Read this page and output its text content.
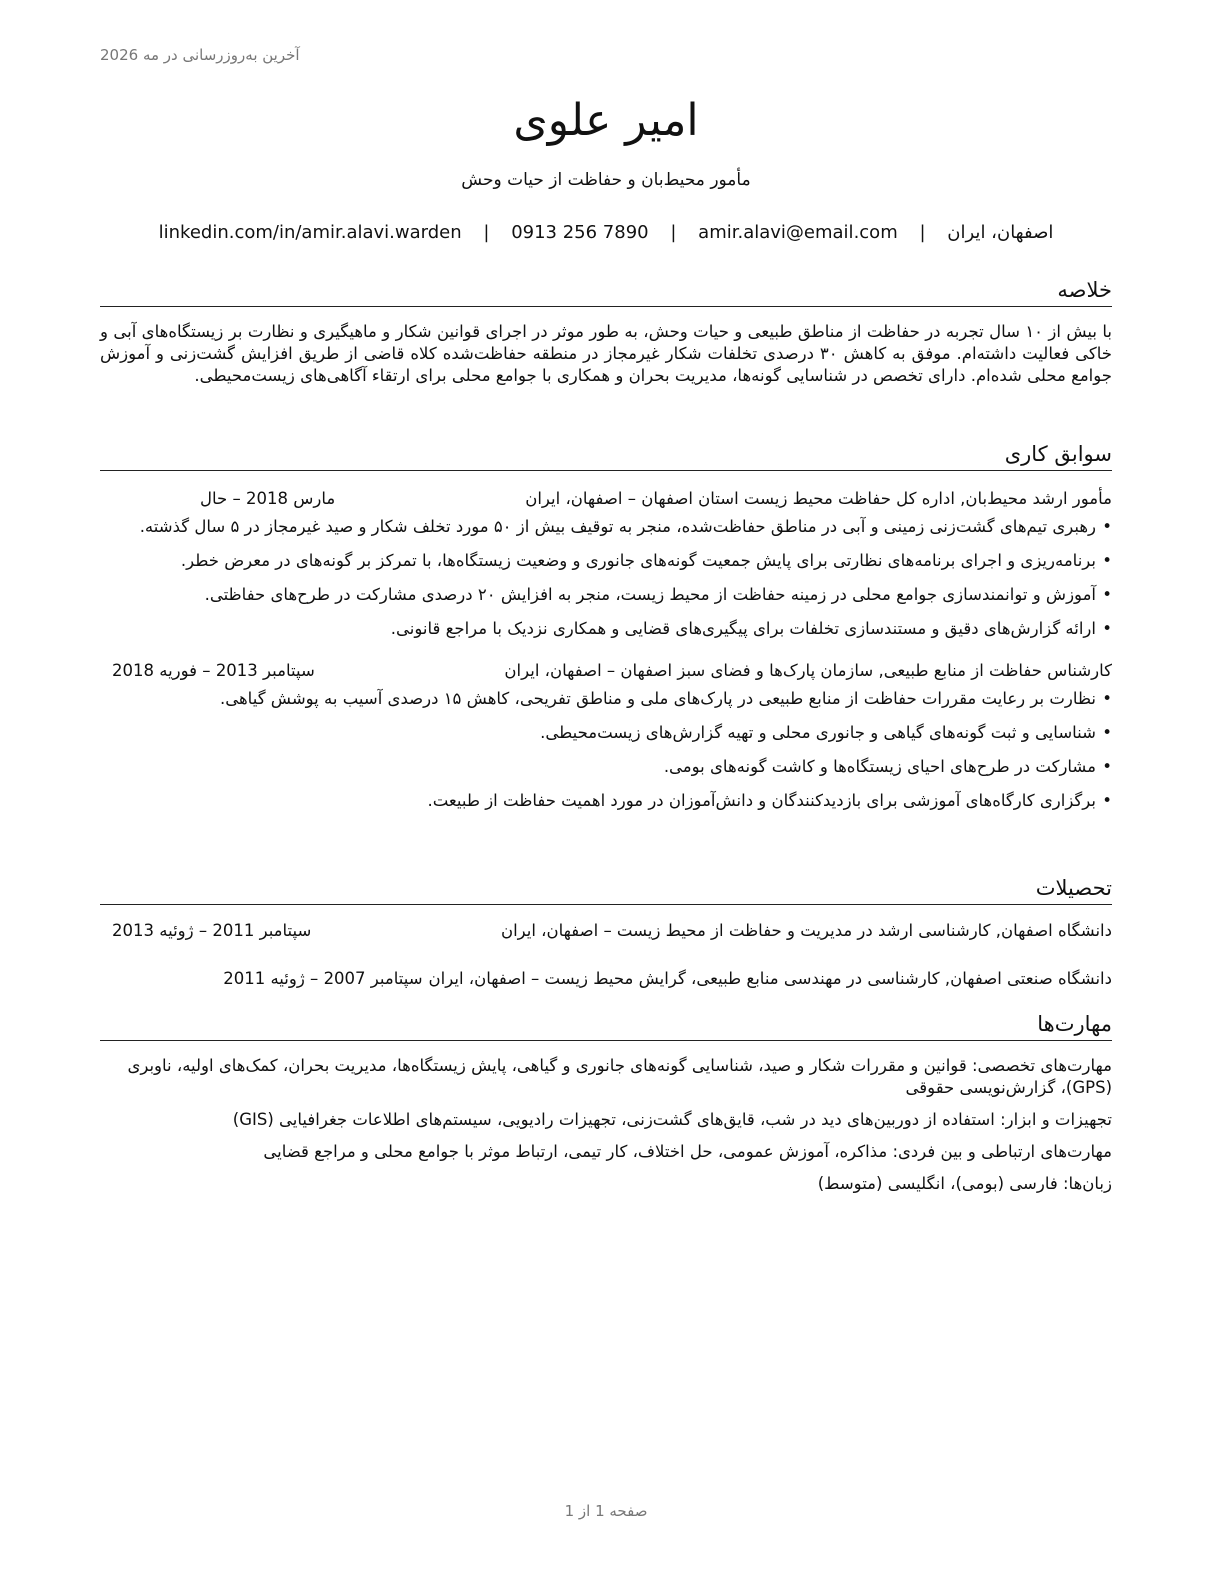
آخرین به‌روزرسانی در مه 2026
امیر علوی
مأمور محیط‌بان و حفاظت از حیات وحش
اصفهان، ایران | amir.alavi@email.com | 0913 256 7890 | linkedin.com/in/amir.alavi.warden
خلاصه
با بیش از ۱۰ سال تجربه در حفاظت از مناطق طبیعی و حیات وحش، به طور موثر در اجرای قوانین شکار و ماهیگیری و نظارت بر زیستگاه‌های آبی و خاکی فعالیت داشته‌ام. موفق به کاهش ۳۰ درصدی تخلفات شکار غیرمجاز در منطقه حفاظت‌شده کلاه قاضی از طریق افزایش گشت‌زنی و آموزش جوامع محلی شده‌ام. دارای تخصص در شناسایی گونه‌ها، مدیریت بحران و همکاری با جوامع محلی برای ارتقاء آگاهی‌های زیست‌محیطی.
سوابق کاری
مأمور ارشد محیط‌بان, اداره کل حفاظت محیط زیست استان اصفهان – اصفهان، ایران
مارس 2018 – حال
• رهبری تیم‌های گشت‌زنی زمینی و آبی در مناطق حفاظت‌شده، منجر به توقیف بیش از ۵۰ مورد تخلف شکار و صید غیرمجاز در ۵ سال گذشته.
• برنامه‌ریزی و اجرای برنامه‌های نظارتی برای پایش جمعیت گونه‌های جانوری و وضعیت زیستگاه‌ها، با تمرکز بر گونه‌های در معرض خطر.
• آموزش و توانمندسازی جوامع محلی در زمینه حفاظت از محیط زیست، منجر به افزایش ۲۰ درصدی مشارکت در طرح‌های حفاظتی.
• ارائه گزارش‌های دقیق و مستندسازی تخلفات برای پیگیری‌های قضایی و همکاری نزدیک با مراجع قانونی.
کارشناس حفاظت از منابع طبیعی, سازمان پارک‌ها و فضای سبز اصفهان – اصفهان، ایران
سپتامبر 2013 – فوریه 2018
• نظارت بر رعایت مقررات حفاظت از منابع طبیعی در پارک‌های ملی و مناطق تفریحی، کاهش ۱۵ درصدی آسیب به پوشش گیاهی.
• شناسایی و ثبت گونه‌های گیاهی و جانوری محلی و تهیه گزارش‌های زیست‌محیطی.
• مشارکت در طرح‌های احیای زیستگاه‌ها و کاشت گونه‌های بومی.
• برگزاری کارگاه‌های آموزشی برای بازدیدکنندگان و دانش‌آموزان در مورد اهمیت حفاظت از طبیعت.
تحصیلات
دانشگاه اصفهان, کارشناسی ارشد در مدیریت و حفاظت از محیط زیست – اصفهان، ایران
سپتامبر 2011 – ژوئیه 2013
دانشگاه صنعتی اصفهان, کارشناسی در مهندسی منابع طبیعی، گرایش محیط زیست – اصفهان، ایران
سپتامبر 2007 – ژوئیه 2011
مهارت‌ها
مهارت‌های تخصصی: قوانین و مقررات شکار و صید، شناسایی گونه‌های جانوری و گیاهی، پایش زیستگاه‌ها، مدیریت بحران، کمک‌های اولیه، ناوبری (GPS)، گزارش‌نویسی حقوقی
تجهیزات و ابزار: استفاده از دوربین‌های دید در شب، قایق‌های گشت‌زنی، تجهیزات رادیویی، سیستم‌های اطلاعات جغرافیایی (GIS)
مهارت‌های ارتباطی و بین فردی: مذاکره، آموزش عمومی، حل اختلاف، کار تیمی، ارتباط موثر با جوامع محلی و مراجع قضایی
زبان‌ها: فارسی (بومی)، انگلیسی (متوسط)
صفحه 1 از 1
